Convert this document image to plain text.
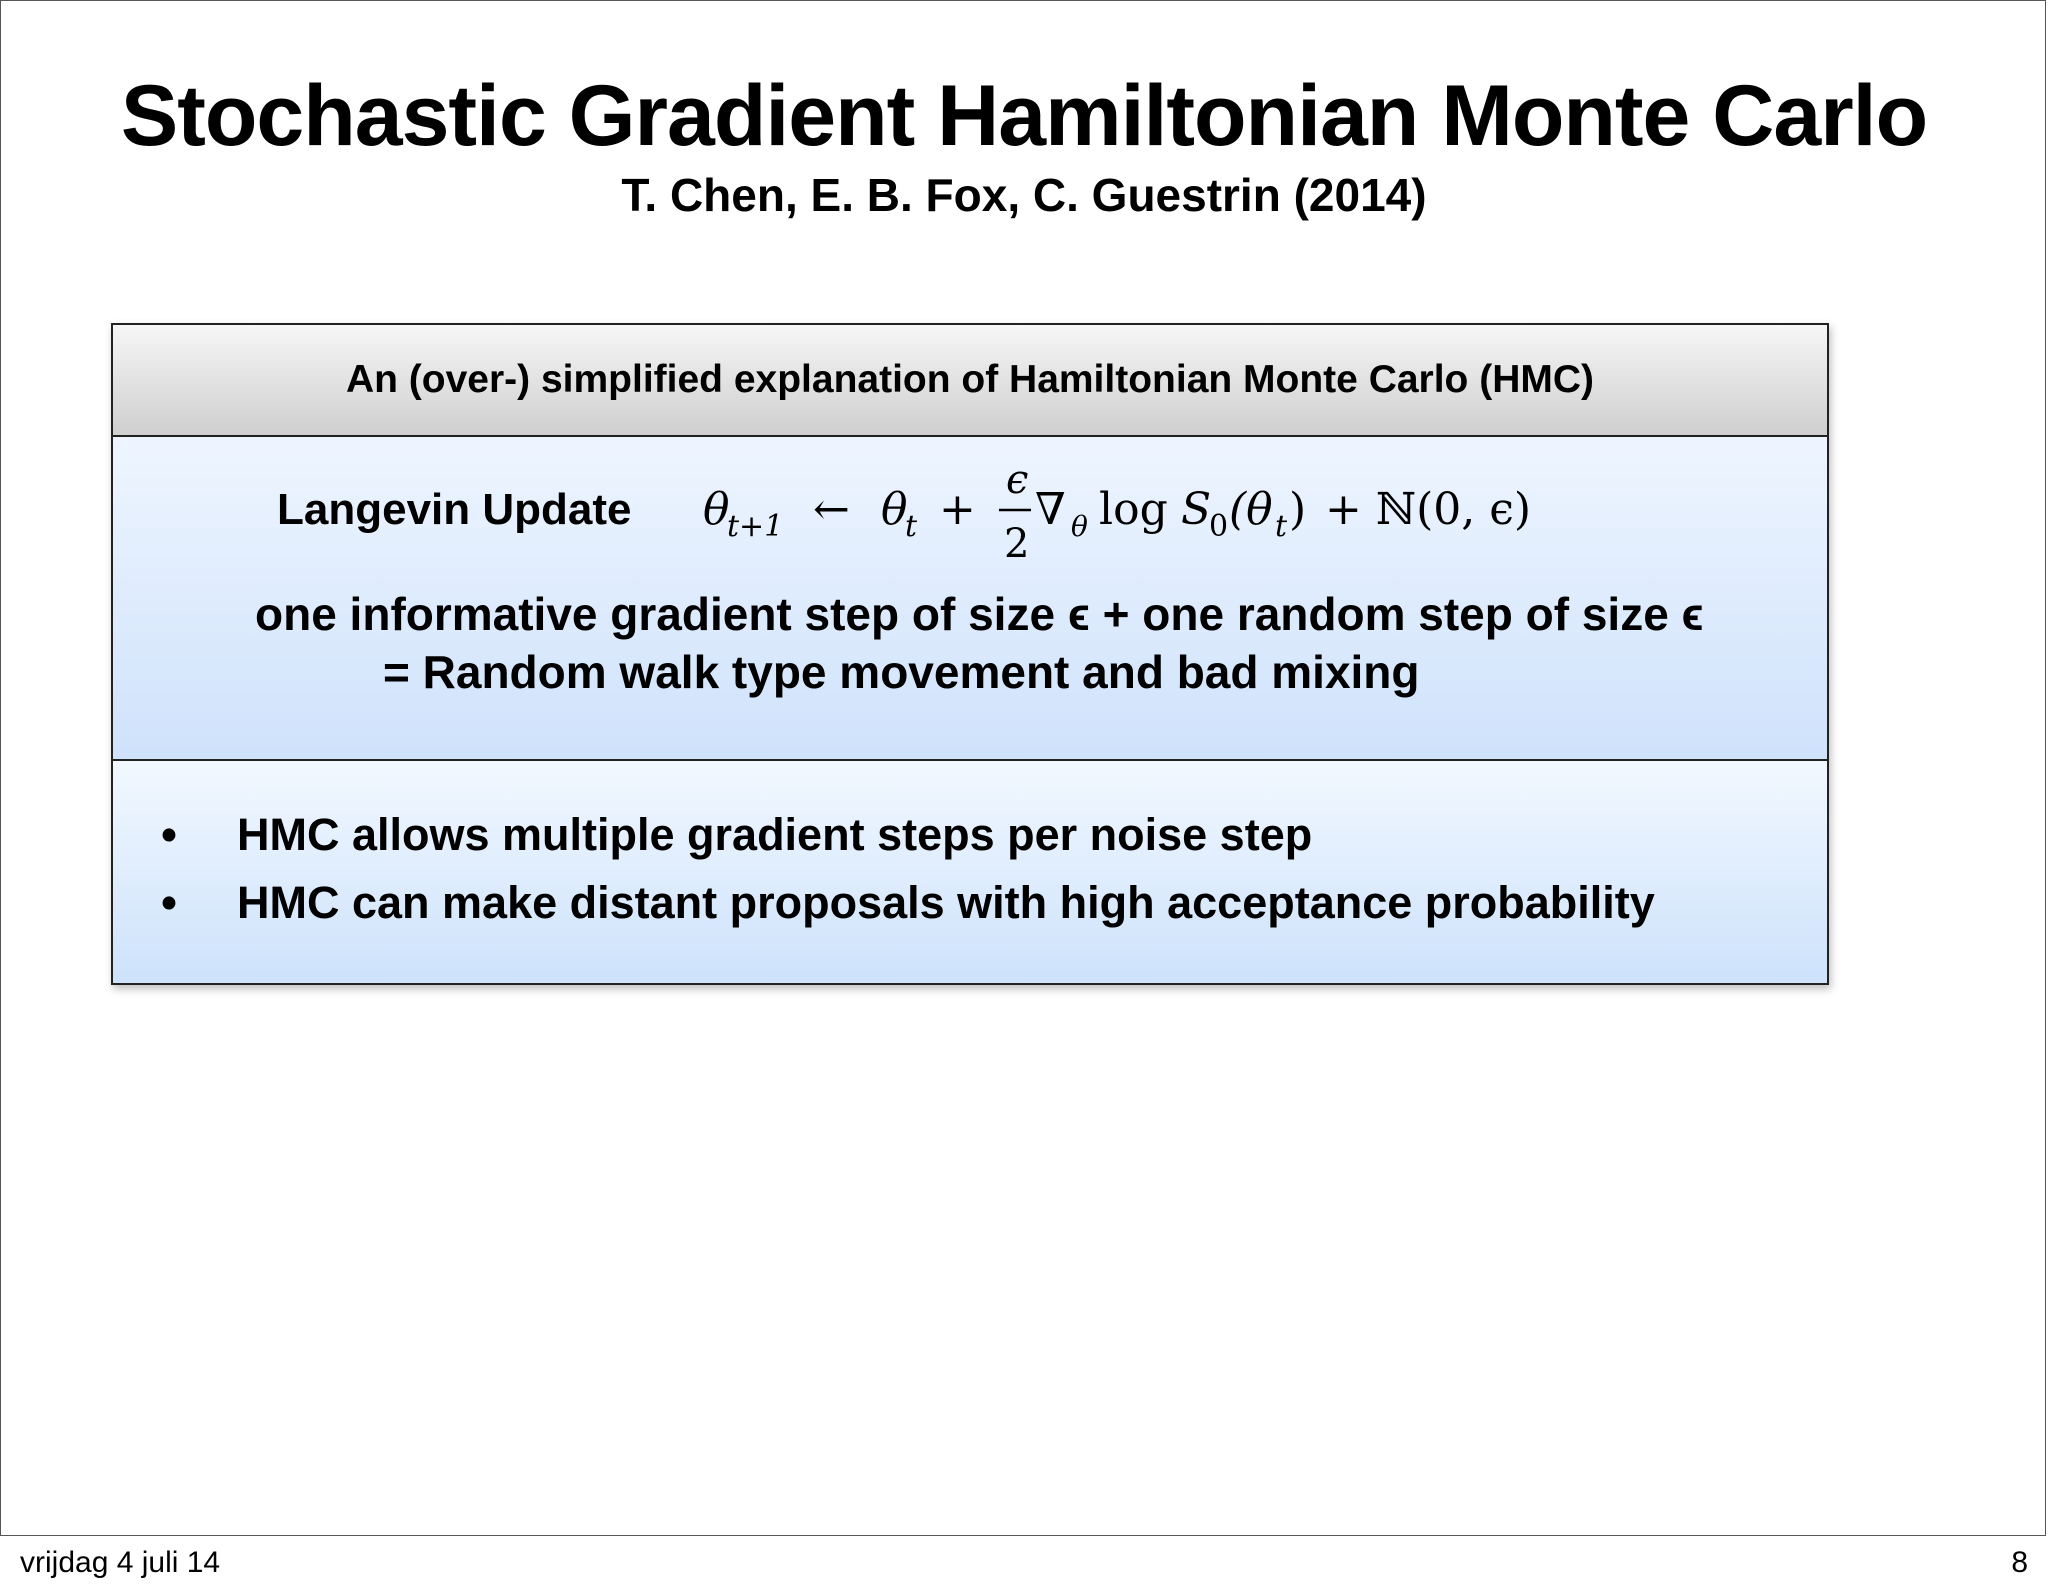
Stochastic Gradient Hamiltonian Monte Carlo
T. Chen, E. B. Fox, C. Guestrin (2014)
An (over-) simplified explanation of Hamiltonian Monte Carlo (HMC)
Langevin Update θ
t+1 ← θ
t +
ϵ
2
∇ θ log S
0 (θ t ) + ℕ(0, ϵ)
one informative gradient step of size ϵ + one random step of size ϵ
= Random walk type movement and bad mixing
• HMC allows multiple gradient steps per noise step
• HMC can make distant proposals with high acceptance probability
vrijdag 4 juli 14	8
